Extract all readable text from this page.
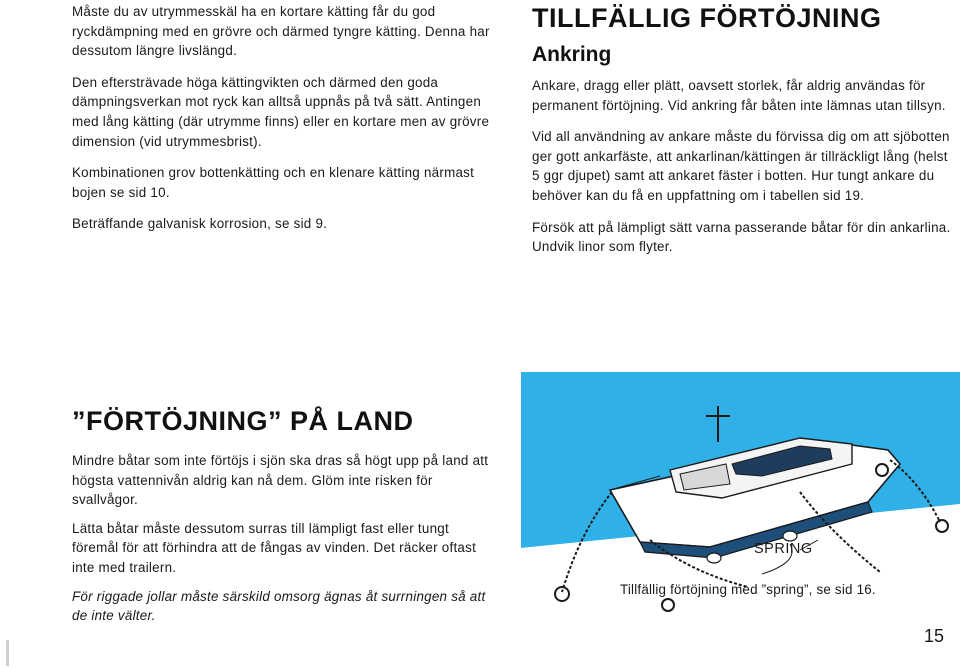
Måste du av utrymmesskäl ha en kortare kätting får du god ryckdämpning med en grövre och därmed tyngre kätting. Denna har dessutom längre livslängd.

Den eftersträvade höga kättingvikten och därmed den goda dämpningsverkan mot ryck kan alltså uppnås på två sätt. Antingen med lång kätting (där utrymme finns) eller en kortare men av grövre dimension (vid utrymmesbrist).

Kombinationen grov bottenkätting och en klenare kätting närmast bojen se sid 10.

Beträffande galvanisk korrosion, se sid 9.

TILLFÄLLIG FÖRTÖJNING
Ankring

Ankare, dragg eller plätt, oavsett storlek, får aldrig användas för permanent förtöjning. Vid ankring får båten inte lämnas utan tillsyn.

Vid all användning av ankare måste du förvissa dig om att sjöbotten ger gott ankarfäste, att ankarlinan/kättingen är tillräckligt lång (helst 5 ggr djupet) samt att ankaret fäster i botten. Hur tungt ankare du behöver kan du få en uppfattning om i tabellen sid 19.

Försök att på lämpligt sätt varna passerande båtar för din ankarlina. Undvik linor som flyter.

”FÖRTÖJNING” PÅ LAND

Mindre båtar som inte förtöjs i sjön ska dras så högt upp på land att högsta vattennivån aldrig kan nå dem. Glöm inte risken för svallvågor.

Lätta båtar måste dessutom surras till lämpligt fast eller tungt föremål för att förhindra att de fångas av vinden. Det räcker oftast inte med trailern.

För riggade jollar måste särskild omsorg ägnas åt surrningen så att de inte välter.

SPRING
Tillfällig förtöjning med ”spring”, se sid 16.
15
